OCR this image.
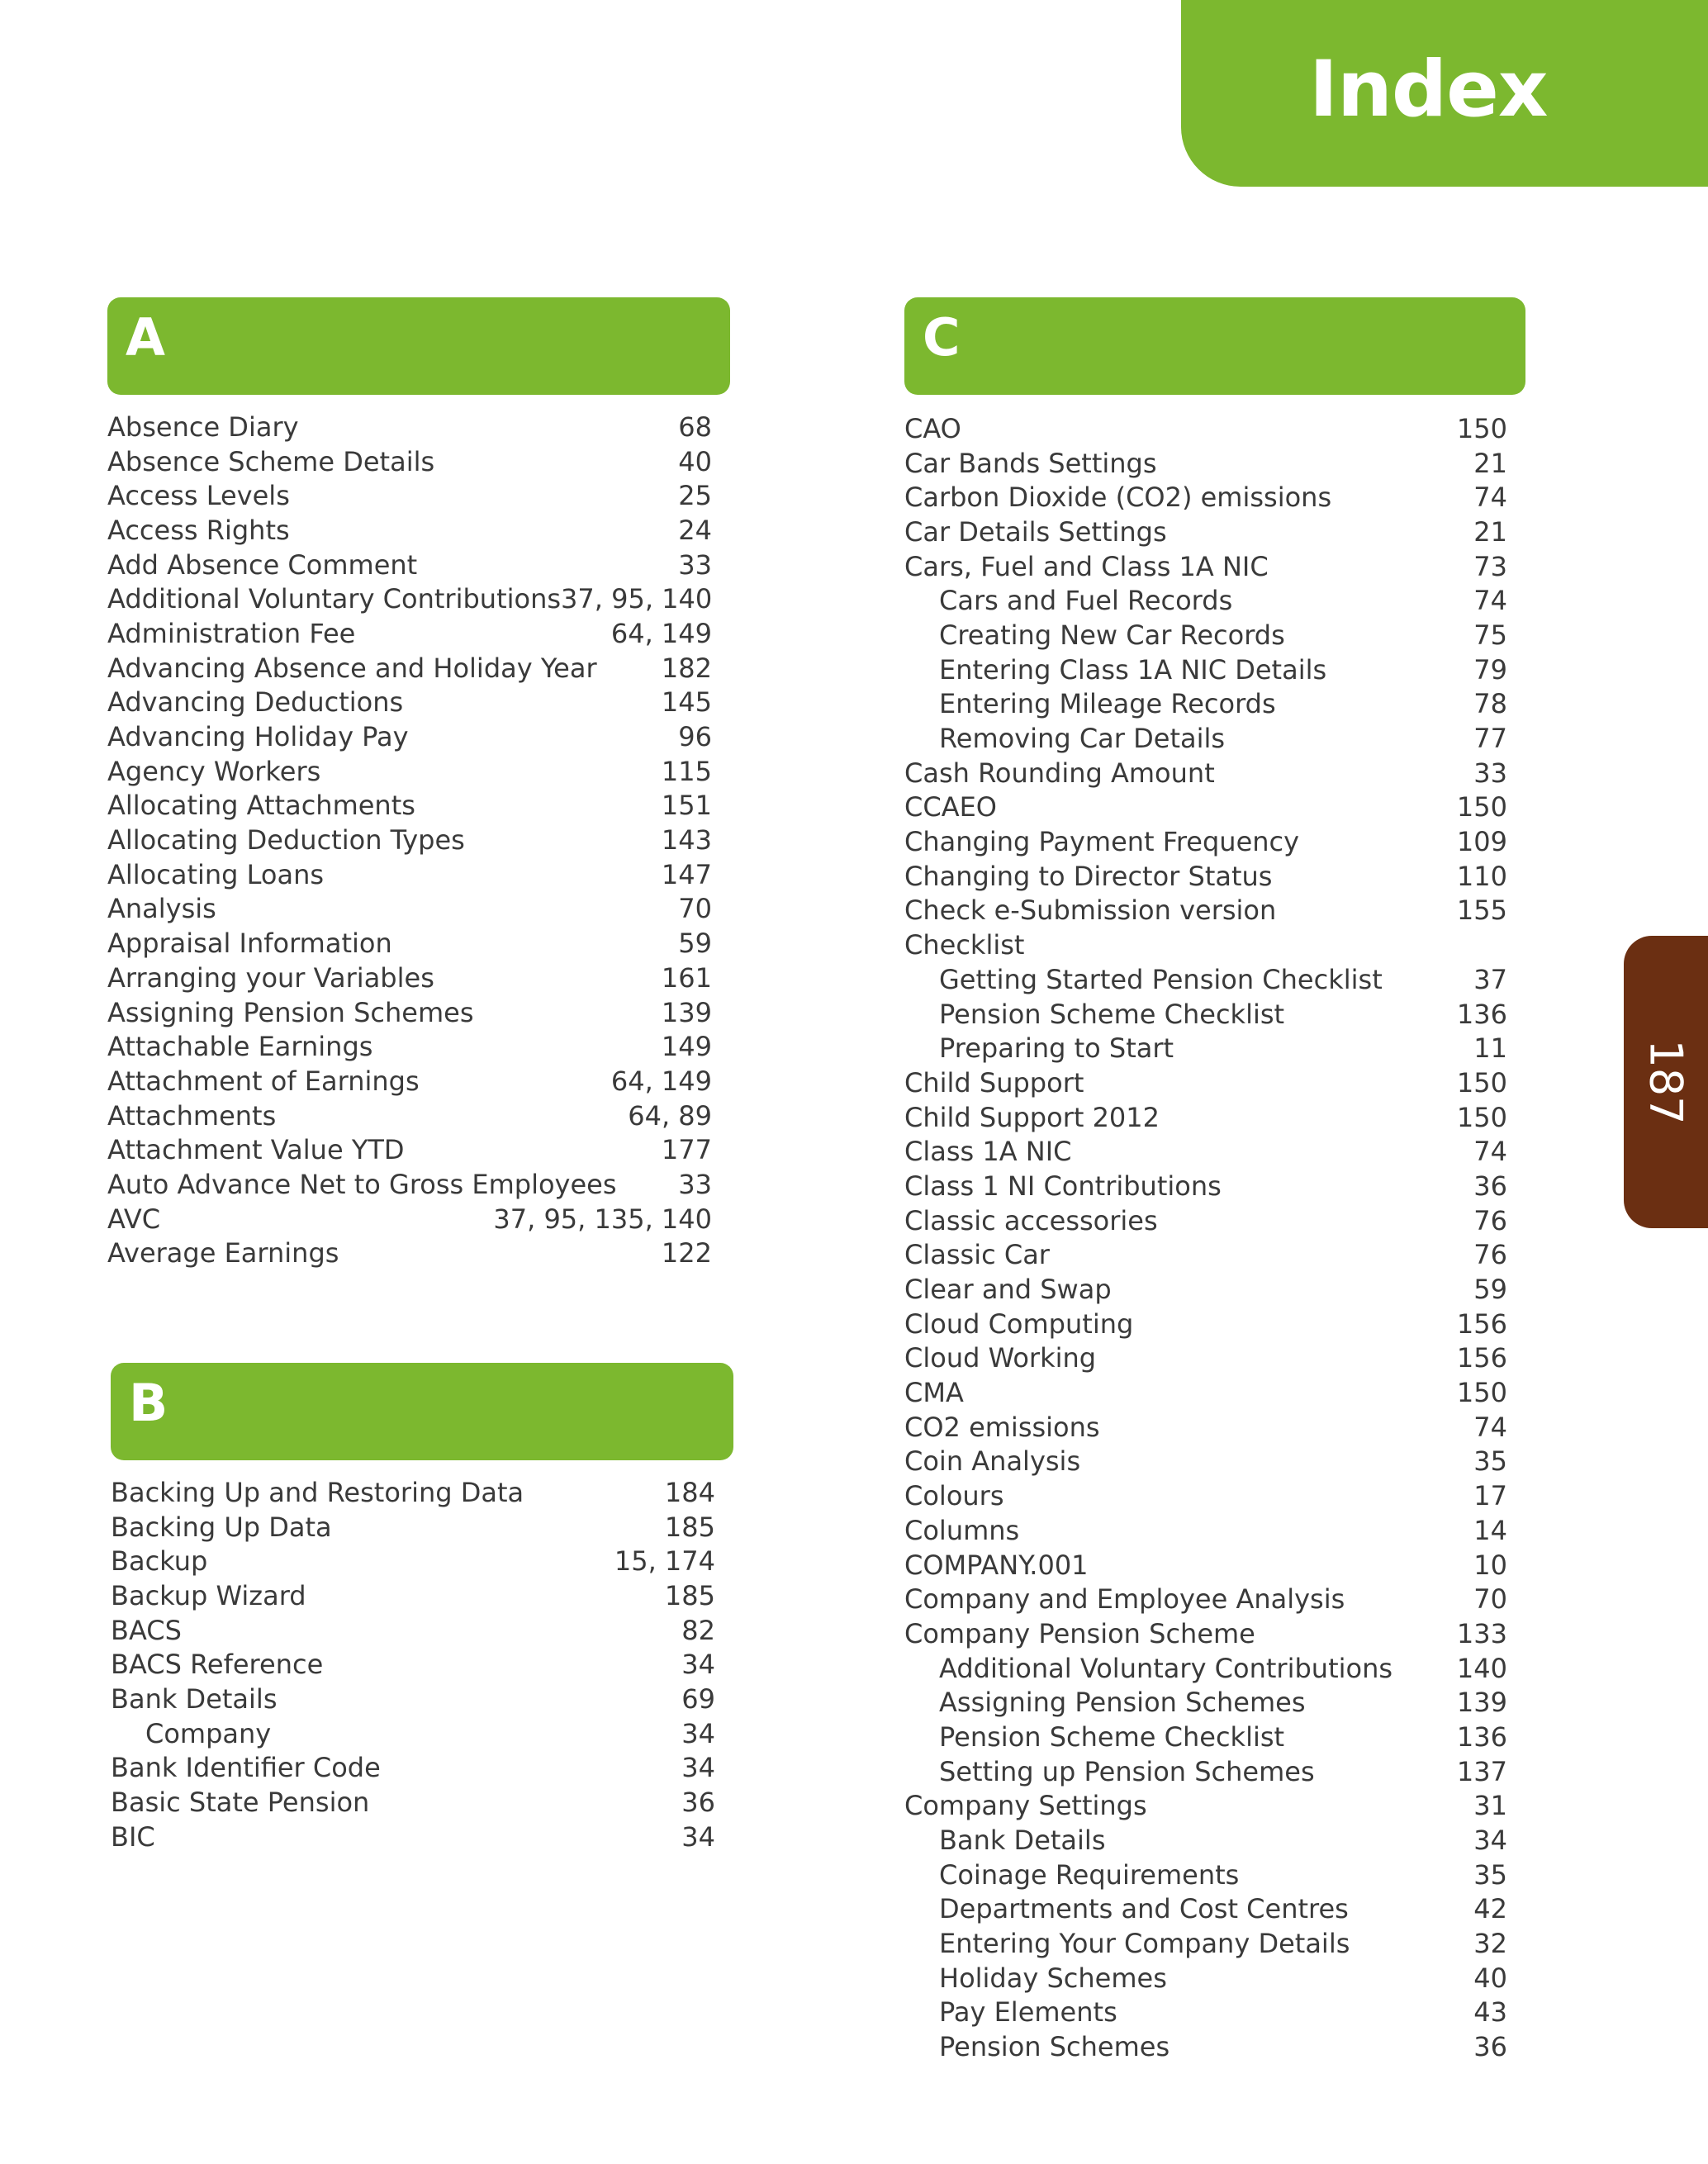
Index
187
A
Absence Diary	68
Absence Scheme Details	40
Access Levels	25
Access Rights	24
Add Absence Comment	33
Additional Voluntary Contributions 37, 95, 140
Administration Fee	64, 149
Advancing Absence and Holiday Year 182
Advancing Deductions	145
Advancing Holiday Pay	96
Agency Workers	115
Allocating Attachments	151
Allocating Deduction Types	143
Allocating Loans	147
Analysis	70
Appraisal Information	59
Arranging your Variables	161
Assigning Pension Schemes	139
Attachable Earnings	149
Attachment of Earnings	64, 149
Attachments	64, 89
Attachment Value YTD	177
Auto Advance Net to Gross Employees 33
AVC	37, 95, 135, 140
Average Earnings	122
B
Backing Up and Restoring Data	184
Backing Up Data	185
Backup	15, 174
Backup Wizard	185
BACS	82
BACS Reference	34
Bank Details	69
Company	34
Bank Identifier Code	34
Basic State Pension	36
BIC	34
C
CAO	150
Car Bands Settings	21
Carbon Dioxide (CO2) emissions	74
Car Details Settings	21
Cars, Fuel and Class 1A NIC	73
Cars and Fuel Records	74
Creating New Car Records	75
Entering Class 1A NIC Details	79
Entering Mileage Records	78
Removing Car Details	77
Cash Rounding Amount	33
CCAEO	150
Changing Payment Frequency	109
Changing to Director Status	110
Check e-Submission version	155
Checklist
Getting Started Pension Checklist	37
Pension Scheme Checklist	136
Preparing to Start	11
Child Support	150
Child Support 2012	150
Class 1A NIC	74
Class 1 NI Contributions	36
Classic accessories	76
Classic Car	76
Clear and Swap	59
Cloud Computing	156
Cloud Working	156
CMA	150
CO2 emissions	74
Coin Analysis	35
Colours	17
Columns	14
COMPANY.001	10
Company and Employee Analysis	70
Company Pension Scheme	133
Additional Voluntary Contributions 140
Assigning Pension Schemes	139
Pension Scheme Checklist	136
Setting up Pension Schemes	137
Company Settings	31
Bank Details	34
Coinage Requirements	35
Departments and Cost Centres	42
Entering Your Company Details	32
Holiday Schemes	40
Pay Elements	43
Pension Schemes	36
